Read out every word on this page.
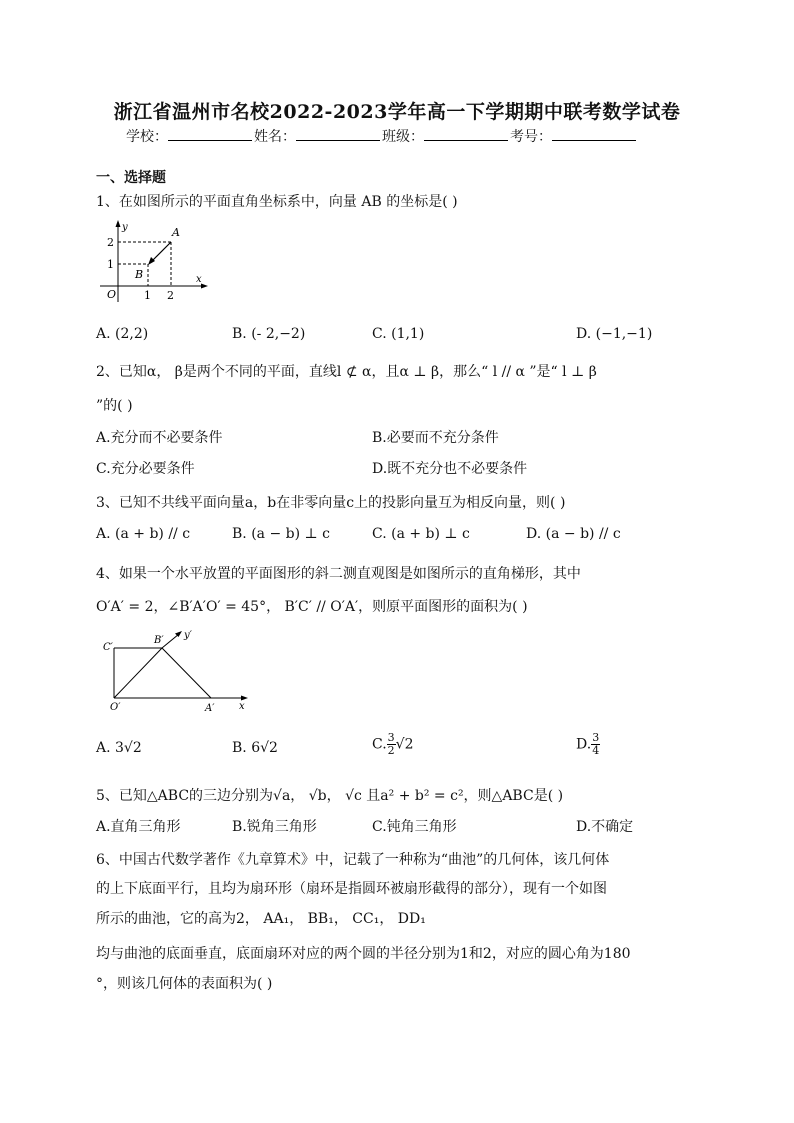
浙江省温州市名校2022-2023学年高一下学期期中联考数学试卷
学校：	姓名：	班级：	考号：
一、选择题
1、在如图所示的平面直角坐标系中，向量 AB 的坐标是( )
y
x
O
2
1
1 2
A
B
A. (2,2)	B. (- 2,−2)	C. (1,1)	D. (−1,−1)
2、已知α， β是两个不同的平面，直线l ⊄ α，且α ⊥ β，那么“ l // α ”是“ l ⊥ β
”的( )
A.充分而不必要条件	B.必要而不充分条件
C.充分必要条件	D.既不充分也不必要条件
3、已知不共线平面向量a，b在非零向量c上的投影向量互为相反向量，则( )
A. (a + b) // c	B. (a − b) ⊥ c	C. (a + b) ⊥ c	D. (a − b) // c
4、如果一个水平放置的平面图形的斜二测直观图是如图所示的直角梯形，其中
O′A′ = 2，∠B′A′O′ = 45°， B′C′ // O′A′，则原平面图形的面积为( )
C′
B′ y′
O′	A′ x
A. 3√2	B. 6√2	C. $\frac{3}{2} √2$	D. $\frac{3}{4}$
5、已知△ABC的三边分别为√a， √b， √c 且a² + b² = c²，则△ABC是( )
A.直角三角形	B.锐角三角形	C.钝角三角形	D.不确定
6、中国古代数学著作《九章算术》中，记载了一种称为“曲池”的几何体，该几何体
的上下底面平行，且均为扇环形（扇环是指圆环被扇形截得的部分），现有一个如图
所示的曲池，它的高为2， AA₁， BB₁， CC₁， DD₁
均与曲池的底面垂直，底面扇环对应的两个圆的半径分别为1和2，对应的圆心角为180
°，则该几何体的表面积为( )
